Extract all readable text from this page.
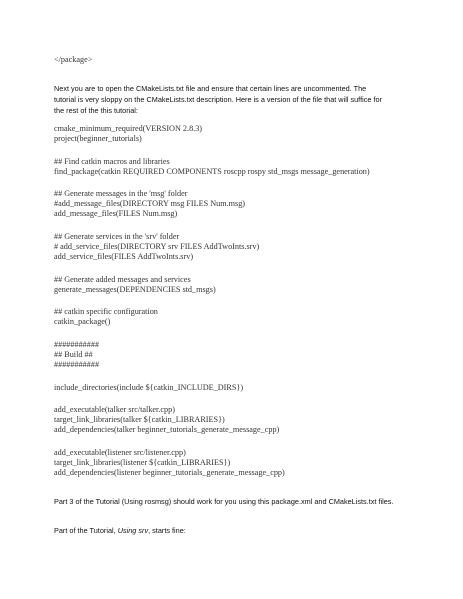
</package>
Next you are to open the CMakeLists.txt file and ensure that certain lines are uncommented. The
tutorial is very sloppy on the CMakeLists.txt description. Here is a version of the file that will suffice for
the rest of the this tutorial:
cmake_minimum_required(VERSION 2.8.3)
project(beginner_tutorials)
## Find catkin macros and libraries
find_package(catkin REQUIRED COMPONENTS roscpp rospy std_msgs message_generation)
## Generate messages in the 'msg' folder
#add_message_files(DIRECTORY msg FILES Num.msg)
add_message_files(FILES Num.msg)
## Generate services in the 'srv' folder
# add_service_files(DIRECTORY srv FILES AddTwoInts.srv)
add_service_files(FILES AddTwoInts.srv)
## Generate added messages and services
generate_messages(DEPENDENCIES std_msgs)
## catkin specific configuration
catkin_package()
###########
## Build ##
###########
include_directories(include ${catkin_INCLUDE_DIRS})
add_executable(talker src/talker.cpp)
target_link_libraries(talker ${catkin_LIBRARIES})
add_dependencies(talker beginner_tutorials_generate_message_cpp)
add_executable(listener src/listener.cpp)
target_link_libraries(listener ${catkin_LIBRARIES})
add_dependencies(listener beginner_tutorials_generate_message_cpp)
Part 3 of the Tutorial (Using rosmsg) should work for you using this package.xml and CMakeLists.txt files.
Part of the Tutorial, Using srv, starts fine:
